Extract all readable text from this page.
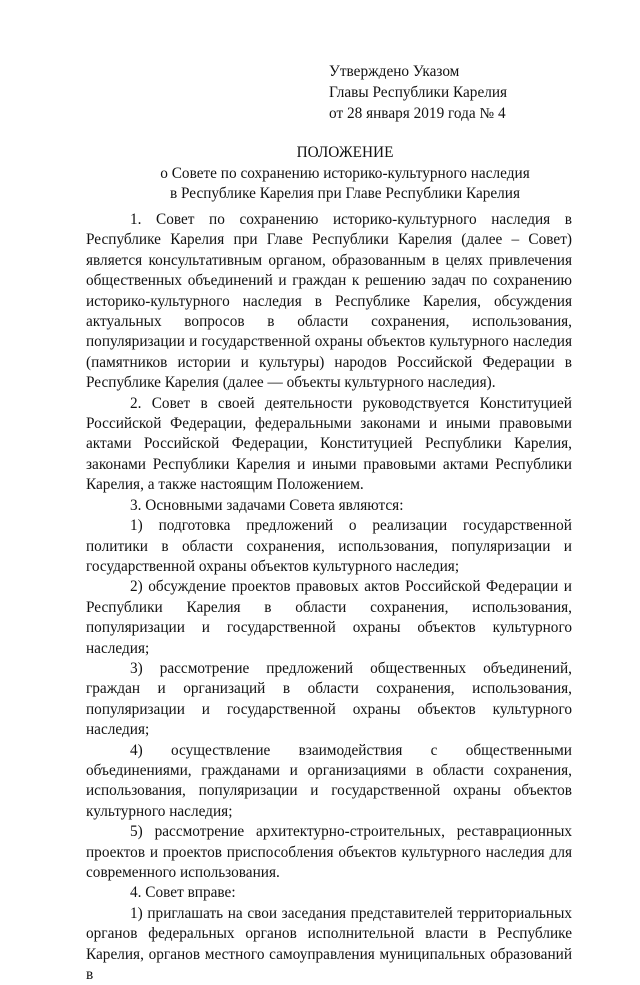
Утверждено Указом
Главы Республики Карелия
от 28 января 2019 года № 4
ПОЛОЖЕНИЕ
о Совете по сохранению историко-культурного наследия
в Республике Карелия при Главе Республики Карелия

1. Совет по сохранению историко-культурного наследия в Республике Карелия при Главе Республики Карелия (далее – Совет) является консультативным органом, образованным в целях привлечения общественных объединений и граждан к решению задач по сохранению историко-культурного наследия в Республике Карелия, обсуждения актуальных вопросов в области сохранения, использования, популяризации и государственной охраны объектов культурного наследия (памятников истории и культуры) народов Российской Федерации в Республике Карелия (далее — объекты культурного наследия).

2. Совет в своей деятельности руководствуется Конституцией Российской Федерации, федеральными законами и иными правовыми актами Российской Федерации, Конституцией Республики Карелия, законами Республики Карелия и иными правовыми актами Республики Карелия, а также настоящим Положением.

3. Основными задачами Совета являются:

1) подготовка предложений о реализации государственной политики в области сохранения, использования, популяризации и государственной охраны объектов культурного наследия;

2) обсуждение проектов правовых актов Российской Федерации и Республики Карелия в области сохранения, использования, популяризации и государственной охраны объектов культурного наследия;

3) рассмотрение предложений общественных объединений, граждан и организаций в области сохранения, использования, популяризации и государственной охраны объектов культурного наследия;

4) осуществление взаимодействия с общественными объединениями, гражданами и организациями в области сохранения, использования, популяризации и государственной охраны объектов культурного наследия;

5) рассмотрение архитектурно-строительных, реставрационных проектов и проектов приспособления объектов культурного наследия для современного использования.

4. Совет вправе:

1) приглашать на свои заседания представителей территориальных органов федеральных органов исполнительной власти в Республике Карелия, органов местного самоуправления муниципальных образований в
